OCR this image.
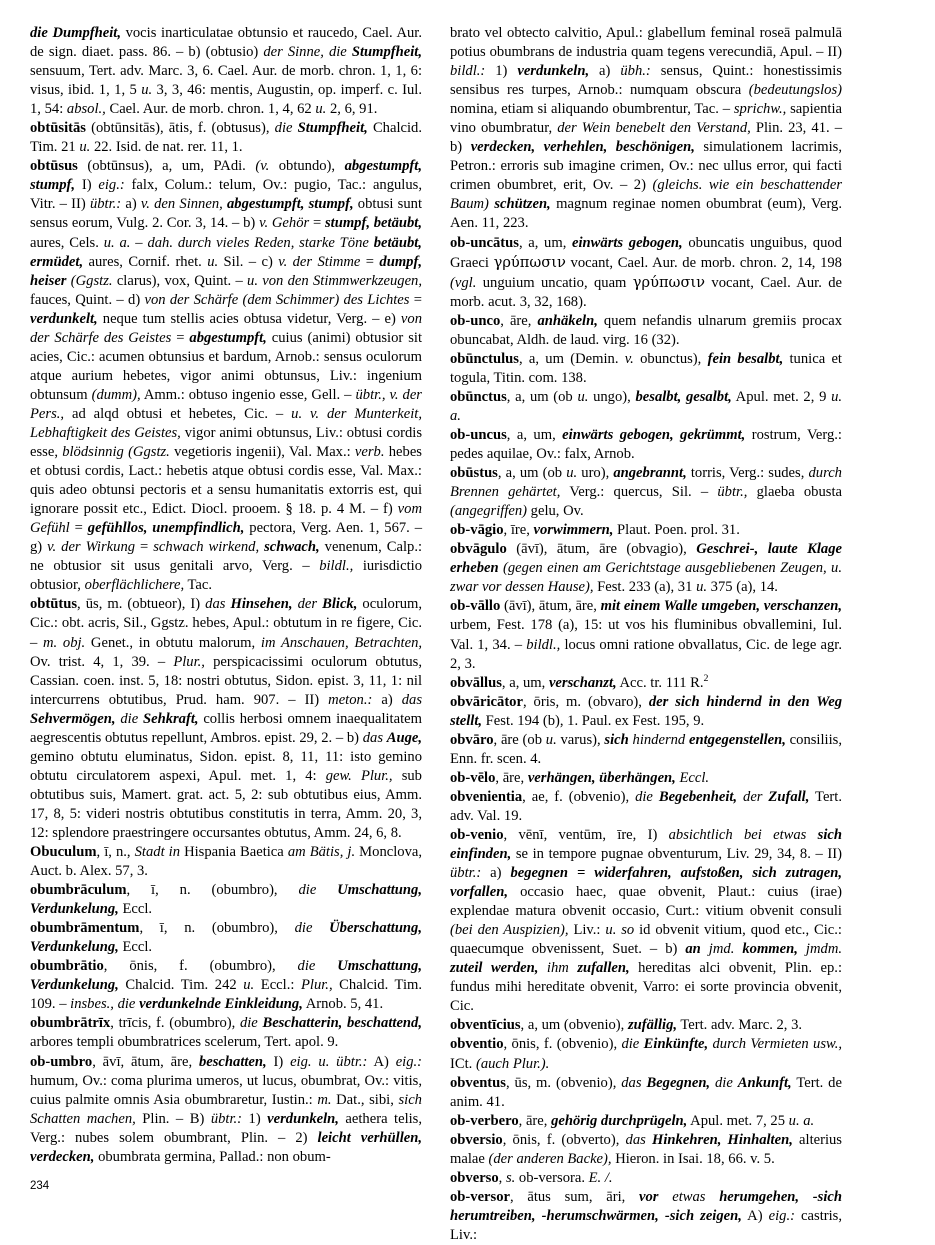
die Dumpfheit, vocis inarticulatae obtunsio et raucedo, Cael. Aur. de sign. diaet. pass. 86. – b) (obtusio) der Sinne, die Stumpfheit, sensuum, Tert. adv. Marc. 3, 6. Cael. Aur. de morb. chron. 1, 1, 6: visus, ibid. 1, 1, 5 u. 3, 3, 46: mentis, Augustin, op. imperf. c. Iul. 1, 54: absol., Cael. Aur. de morb. chron. 1, 4, 62 u. 2, 6, 91.

obtūsitās (obtūnsitās), ātis, f. (obtusus), die Stumpfheit, Chalcid. Tim. 21 u. 22. Isid. de nat. rer. 11, 1.

obtūsus (obtūnsus), a, um, PAdi. (v. obtundo), abgestumpft, stumpf, I) eig.: falx, Colum.: telum, Ov.: pugio, Tac.: angulus, Vitr. – II) übtr.: a) v. den Sinnen, abgestumpft, stumpf, obtusi sunt sensus eorum, Vulg. 2. Cor. 3, 14. – b) v. Gehör = stumpf, betäubt, aures, Cels. u. a. – dah. durch vieles Reden, starke Töne betäubt, ermüdet, aures, Cornif. rhet. u. Sil. – c) v. der Stimme = dumpf, heiser (Ggstz. clarus), vox, Quint. – u. von den Stimmwerkzeugen, fauces, Quint. – d) von der Schärfe (dem Schimmer) des Lichtes = verdunkelt, neque tum stellis acies obtusa videtur, Verg. – e) von der Schärfe des Geistes = abgestumpft, cuius (animi) obtusior sit acies, Cic.: acumen obtunsius et bardum, Arnob.: sensus oculorum atque aurium hebetes, vigor animi obtunsus, Liv.: ingenium obtunsum (dumm), Amm.: obtuso ingenio esse, Gell. – übtr., v. der Pers., ad alqd obtusi et hebetes, Cic. – u. v. der Munterkeit, Lebhaftigkeit des Geistes, vigor animi obtunsus, Liv.: obtusi cordis esse, blödsinnig (Ggstz. vegetioris ingenii), Val. Max.: verb. hebes et obtusi cordis, Lact.: hebetis atque obtusi cordis esse, Val. Max.: quis adeo obtunsi pectoris et a sensu humanitatis extorris est, qui ignorare possit etc., Edict. Diocl. prooem. § 18. p. 4 M. – f) vom Gefühl = gefühllos, unempfindlich, pectora, Verg. Aen. 1, 567. – g) v. der Wirkung = schwach wirkend, schwach, venenum, Calp.: ne obtusior sit usus genitali arvo, Verg. – bildl., iurisdictio obtusior, oberflächlichere, Tac.

obtūtus, ūs, m. (obtueor), I) das Hinsehen, der Blick, oculorum, Cic.: obt. acris, Sil., Ggstz. hebes, Apul.: obtutum in re figere, Cic. – m. obj. Genet., in obtutu malorum, im Anschauen, Betrachten, Ov. trist. 4, 1, 39. – Plur., perspicacissimi oculorum obtutus, Cassian. coen. inst. 5, 18: nostri obtutus, Sidon. epist. 3, 11, 1: nil intercurrens obtutibus, Prud. ham. 907. – II) meton.: a) das Sehvermögen, die Sehkraft, collis herbosi omnem inaequalitatem aegrescentis obtutus repellunt, Ambros. epist. 29, 2. – b) das Auge, gemino obtutu eluminatus, Sidon. epist. 8, 11, 11: isto gemino obtutu circulatorem aspexi, Apul. met. 1, 4: gew. Plur., sub obtutibus suis, Mamert. grat. act. 5, 2: sub obtutibus eius, Amm. 17, 8, 5: videri nostris obtutibus constitutis in terra, Amm. 20, 3, 12: splendore praestringere occursantes obtutus, Amm. 24, 6, 8.

Obuculum, ī, n., Stadt in Hispania Baetica am Bätis, j. Monclova, Auct. b. Alex. 57, 3.

obumbrāculum, ī, n. (obumbro), die Umschattung, Verdunkelung, Eccl.

obumbrāmentum, ī, n. (obumbro), die Überschattung, Verdunkelung, Eccl.

obumbrātio, ōnis, f. (obumbro), die Umschattung, Verdunkelung, Chalcid. Tim. 242 u. Eccl.: Plur., Chalcid. Tim. 109. – insbes., die verdunkelnde Einkleidung, Arnob. 5, 41.

obumbrātrīx, trīcis, f. (obumbro), die Beschatterin, beschattend, arbores templi obumbratrices scelerum, Tert. apol. 9.

ob-umbro, āvī, ātum, āre, beschatten, I) eig. u. übtr.: A) eig.: humum, Ov.: coma plurima umeros, ut lucus, obumbrat, Ov.: vitis, cuius palmite omnis Asia obumbraretur, Iustin.: m. Dat., sibi, sich Schatten machen, Plin. – B) übtr.: 1) verdunkeln, aethera telis, Verg.: nubes solem obumbrant, Plin. – 2) leicht verhüllen, verdecken, obumbrata germina, Pallad.: non obum-

brato vel obtecto calvitio, Apul.: glabellum feminal roseā palmulā potius obumbrans de industria quam tegens verecundiā, Apul. – II) bildl.: 1) verdunkeln, a) übh.: sensus, Quint.: honestissimis sensibus res turpes, Arnob.: numquam obscura (bedeutungslos) nomina, etiam si aliquando obumbrentur, Tac. – sprichw., sapientia vino obumbratur, der Wein benebelt den Verstand, Plin. 23, 41. – b) verdecken, verhehlen, beschönigen, simulationem lacrimis, Petron.: erroris sub imagine crimen, Ov.: nec ullus error, qui facti crimen obumbret, erit, Ov. – 2) (gleichs. wie ein beschattender Baum) schützen, magnum reginae nomen obumbrat (eum), Verg. Aen. 11, 223.

ob-uncātus, a, um, einwärts gebogen, obuncatis unguibus, quod Graeci γρύπωσιν vocant, Cael. Aur. de morb. chron. 2, 14, 198 (vgl. unguium uncatio, quam γρύπωσιν vocant, Cael. Aur. de morb. acut. 3, 32, 168).

ob-unco, āre, anhäkeln, quem nefandis ulnarum gremiis procax obuncabat, Aldh. de laud. virg. 16 (32).

obūnctulus, a, um (Demin. v. obunctus), fein besalbt, tunica et togula, Titin. com. 138.

obūnctus, a, um (ob u. ungo), besalbt, gesalbt, Apul. met. 2, 9 u. a.

ob-uncus, a, um, einwärts gebogen, gekrümmt, rostrum, Verg.: pedes aquilae, Ov.: falx, Arnob.

obūstus, a, um (ob u. uro), angebrannt, torris, Verg.: sudes, durch Brennen gehärtet, Verg.: quercus, Sil. – übtr., glaeba obusta (angegriffen) gelu, Ov.

ob-vāgio, īre, vorwimmern, Plaut. Poen. prol. 31.

obvāgulo (āvī), ātum, āre (obvagio), Geschrei-, laute Klage erheben (gegen einen am Gerichtstage ausgebliebenen Zeugen, u. zwar vor dessen Hause), Fest. 233 (a), 31 u. 375 (a), 14.

ob-vāllo (āvī), ātum, āre, mit einem Walle umgeben, verschanzen, urbem, Fest. 178 (a), 15: ut vos his fluminibus obvallemini, Iul. Val. 1, 34. – bildl., locus omni ratione obvallatus, Cic. de lege agr. 2, 3.

obvāllus, a, um, verschanzt, Acc. tr. 111 R.$^2$

obvāricātor, ōris, m. (obvaro), der sich hindernd in den Weg stellt, Fest. 194 (b), 1. Paul. ex Fest. 195, 9.

obvāro, āre (ob u. varus), sich hindernd entgegenstellen, consiliis, Enn. fr. scen. 4.

ob-vēlo, āre, verhängen, überhängen, Eccl.

obvenientia, ae, f. (obvenio), die Begebenheit, der Zufall, Tert. adv. Val. 19.

ob-venio, vēnī, ventūm, īre, I) absichtlich bei etwas sich einfinden, se in tempore pugnae obventurum, Liv. 29, 34, 8. – II) übtr.: a) begegnen = widerfahren, aufstoßen, sich zutragen, vorfallen, occasio haec, quae obvenit, Plaut.: cuius (irae) explendae matura obvenit occasio, Curt.: vitium obvenit consuli (bei den Auspizien), Liv.: u. so id obvenit vitium, quod etc., Cic.: quaecumque obvenissent, Suet. – b) an jmd. kommen, jmdm. zuteil werden, ihm zufallen, hereditas alci obvenit, Plin. ep.: fundus mihi hereditate obvenit, Varro: ei sorte provincia obvenit, Cic.

obventīcius, a, um (obvenio), zufällig, Tert. adv. Marc. 2, 3.

obventio, ōnis, f. (obvenio), die Einkünfte, durch Vermieten usw., ICt. (auch Plur.).

obventus, ūs, m. (obvenio), das Begegnen, die Ankunft, Tert. de anim. 41.

ob-verbero, āre, gehörig durchprügeln, Apul. met. 7, 25 u. a.

obversio, ōnis, f. (obverto), das Hinkehren, Hinhalten, alterius malae (der anderen Backe), Hieron. in Isai. 18, 66. v. 5.

obverso, s. ob-versora. E. /.

ob-versor, ātus sum, āri, vor etwas herumgehen, -sich herumtreiben, -herumschwärmen, -sich zeigen, A) eig.: castris, Liv.:

234
